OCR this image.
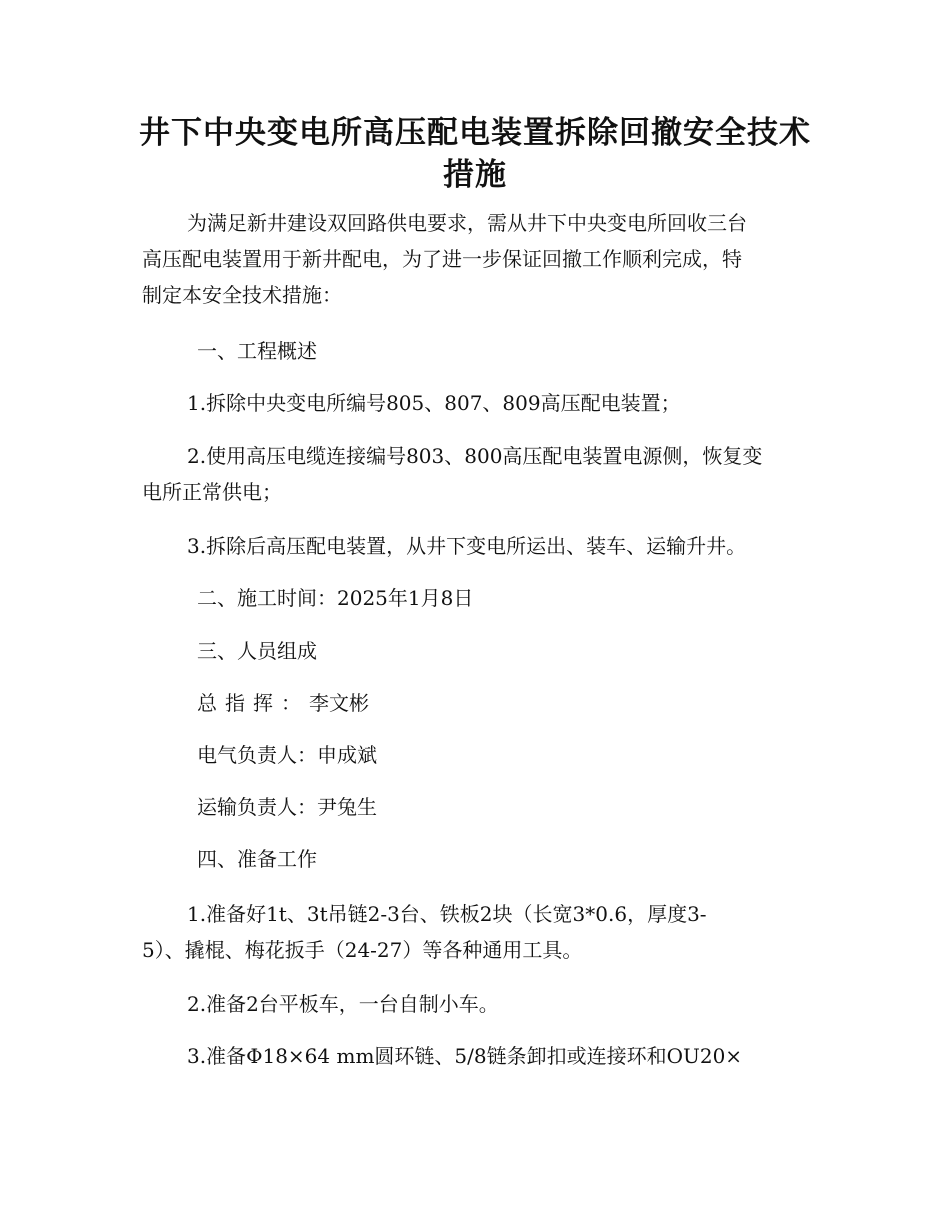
井下中央变电所高压配电装置拆除回撤安全技术
措施

为满足新井建设双回路供电要求，需从井下中央变电所回收三台
高压配电装置用于新井配电，为了进一步保证回撤工作顺利完成，特
制定本安全技术措施：

一、工程概述

1.拆除中央变电所编号805、807、809高压配电装置；

2.使用高压电缆连接编号803、800高压配电装置电源侧，恢复变
电所正常供电；

3.拆除后高压配电装置，从井下变电所运出、装车、运输升井。

二、施工时间：2025年1月8日

三、人员组成

总指挥：李文彬

电气负责人：申成斌

运输负责人：尹兔生

四、准备工作

1.准备好1t、3t吊链2-3台、铁板2块（长宽3*0.6，厚度3-
5）、撬棍、梅花扳手（24-27）等各种通用工具。

2.准备2台平板车，一台自制小车。

3.准备Φ18×64 mm圆环链、5/8链条卸扣或连接环和OU20×
